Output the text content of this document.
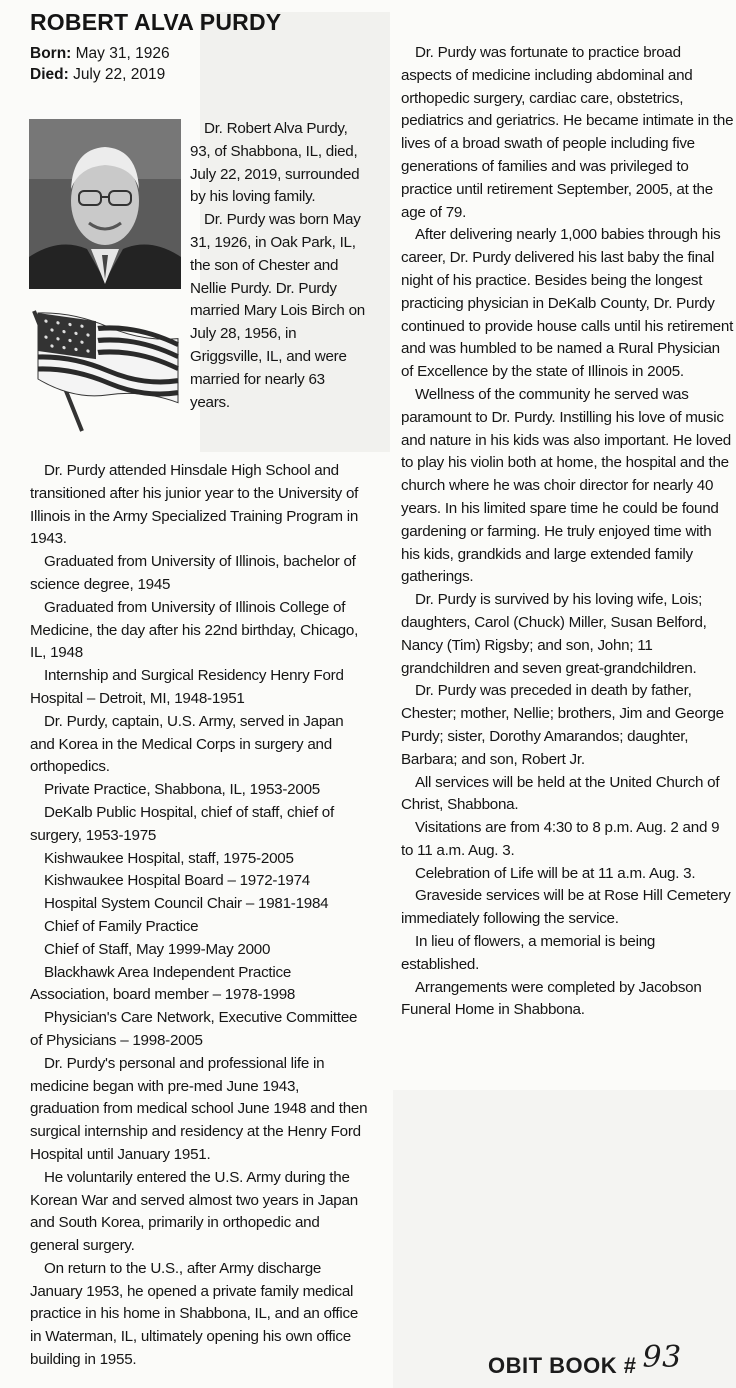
ROBERT ALVA PURDY

Born: May 31, 1926

Died: July 22, 2019

Dr. Robert Alva Purdy, 93, of Shabbona, IL, died, July 22, 2019, surrounded by his loving family.

Dr. Purdy was born May 31, 1926, in Oak Park, IL, the son of Chester and Nellie Purdy. Dr. Purdy married Mary Lois Birch on July 28, 1956, in Griggsville, IL, and were married for nearly 63 years.

Dr. Purdy attended Hinsdale High School and transitioned after his junior year to the University of Illinois in the Army Specialized Training Program in 1943.

Graduated from University of Illinois, bachelor of science degree, 1945

Graduated from University of Illinois College of Medicine, the day after his 22nd birthday, Chicago, IL, 1948

Internship and Surgical Residency Henry Ford Hospital – Detroit, MI, 1948-1951

Dr. Purdy, captain, U.S. Army, served in Japan and Korea in the Medical Corps in surgery and orthopedics.

Private Practice, Shabbona, IL, 1953-2005

DeKalb Public Hospital, chief of staff, chief of surgery, 1953-1975

Kishwaukee Hospital, staff, 1975-2005

Kishwaukee Hospital Board – 1972-1974

Hospital System Council Chair – 1981-1984

Chief of Family Practice

Chief of Staff, May 1999-May 2000

Blackhawk Area Independent Practice Association, board member – 1978-1998

Physician's Care Network, Executive Committee of Physicians – 1998-2005

Dr. Purdy's personal and professional life in medicine began with pre-med June 1943, graduation from medical school June 1948 and then surgical internship and residency at the Henry Ford Hospital until January 1951.

He voluntarily entered the U.S. Army during the Korean War and served almost two years in Japan and South Korea, primarily in orthopedic and general surgery.

On return to the U.S., after Army discharge January 1953, he opened a private family medical practice in his home in Shabbona, IL, and an office in Waterman, IL, ultimately opening his own office building in 1955.

Dr. Purdy was fortunate to practice broad aspects of medicine including abdominal and orthopedic surgery, cardiac care, obstetrics, pediatrics and geriatrics. He became intimate in the lives of a broad swath of people including five generations of families and was privileged to practice until retirement September, 2005, at the age of 79.

After delivering nearly 1,000 babies through his career, Dr. Purdy delivered his last baby the final night of his practice. Besides being the longest practicing physician in DeKalb County, Dr. Purdy continued to provide house calls until his retirement and was humbled to be named a Rural Physician of Excellence by the state of Illinois in 2005.

Wellness of the community he served was paramount to Dr. Purdy. Instilling his love of music and nature in his kids was also important. He loved to play his violin both at home, the hospital and the church where he was choir director for nearly 40 years. In his limited spare time he could be found gardening or farming. He truly enjoyed time with his kids, grandkids and large extended family gatherings.

Dr. Purdy is survived by his loving wife, Lois; daughters, Carol (Chuck) Miller, Susan Belford, Nancy (Tim) Rigsby; and son, John; 11 grandchildren and seven great-grandchildren.

Dr. Purdy was preceded in death by father, Chester; mother, Nellie; brothers, Jim and George Purdy; sister, Dorothy Amarandos; daughter, Barbara; and son, Robert Jr.

All services will be held at the United Church of Christ, Shabbona.

Visitations are from 4:30 to 8 p.m. Aug. 2 and 9 to 11 a.m. Aug. 3.

Celebration of Life will be at 11 a.m. Aug. 3.

Graveside services will be at Rose Hill Cemetery immediately following the service.

In lieu of flowers, a memorial is being established.

Arrangements were completed by Jacobson Funeral Home in Shabbona.

OBIT BOOK # 93
